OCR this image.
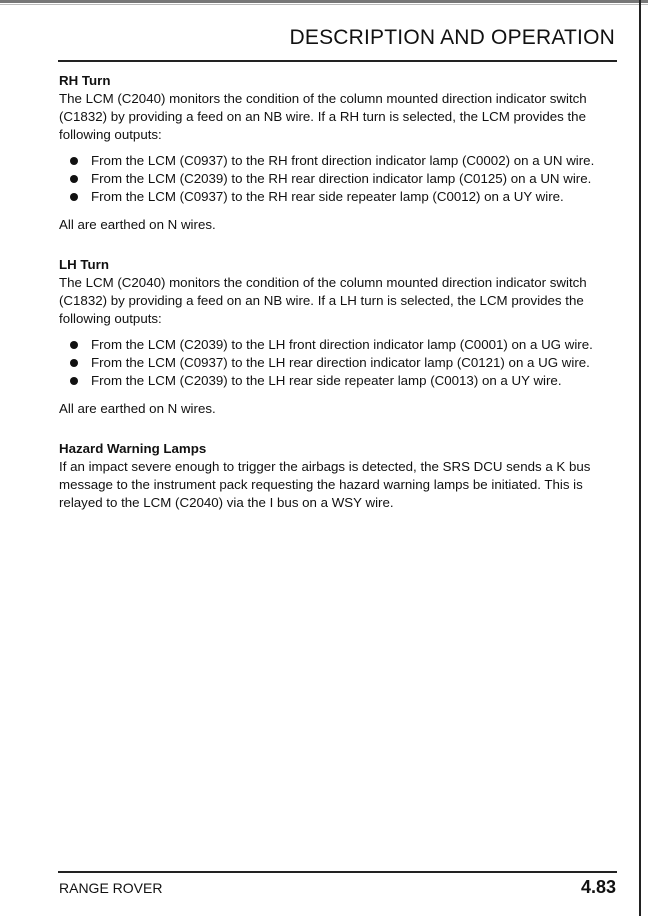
DESCRIPTION AND OPERATION

RH Turn

The LCM (C2040) monitors the condition of the column mounted direction indicator switch (C1832) by providing a feed on an NB wire. If a RH turn is selected, the LCM provides the following outputs:

From the LCM (C0937) to the RH front direction indicator lamp (C0002) on a UN wire.
From the LCM (C2039) to the RH rear direction indicator lamp (C0125) on a UN wire.
From the LCM (C0937) to the RH rear side repeater lamp (C0012) on a UY wire.

All are earthed on N wires.

LH Turn

The LCM (C2040) monitors the condition of the column mounted direction indicator switch (C1832) by providing a feed on an NB wire. If a LH turn is selected, the LCM provides the following outputs:

From the LCM (C2039) to the LH front direction indicator lamp (C0001) on a UG wire.
From the LCM (C0937) to the LH rear direction indicator lamp (C0121) on a UG wire.
From the LCM (C2039) to the LH rear side repeater lamp (C0013) on a UY wire.

All are earthed on N wires.

Hazard Warning Lamps

If an impact severe enough to trigger the airbags is detected, the SRS DCU sends a K bus message to the instrument pack requesting the hazard warning lamps be initiated. This is relayed to the LCM (C2040) via the I bus on a WSY wire.

RANGE ROVER	4.83
